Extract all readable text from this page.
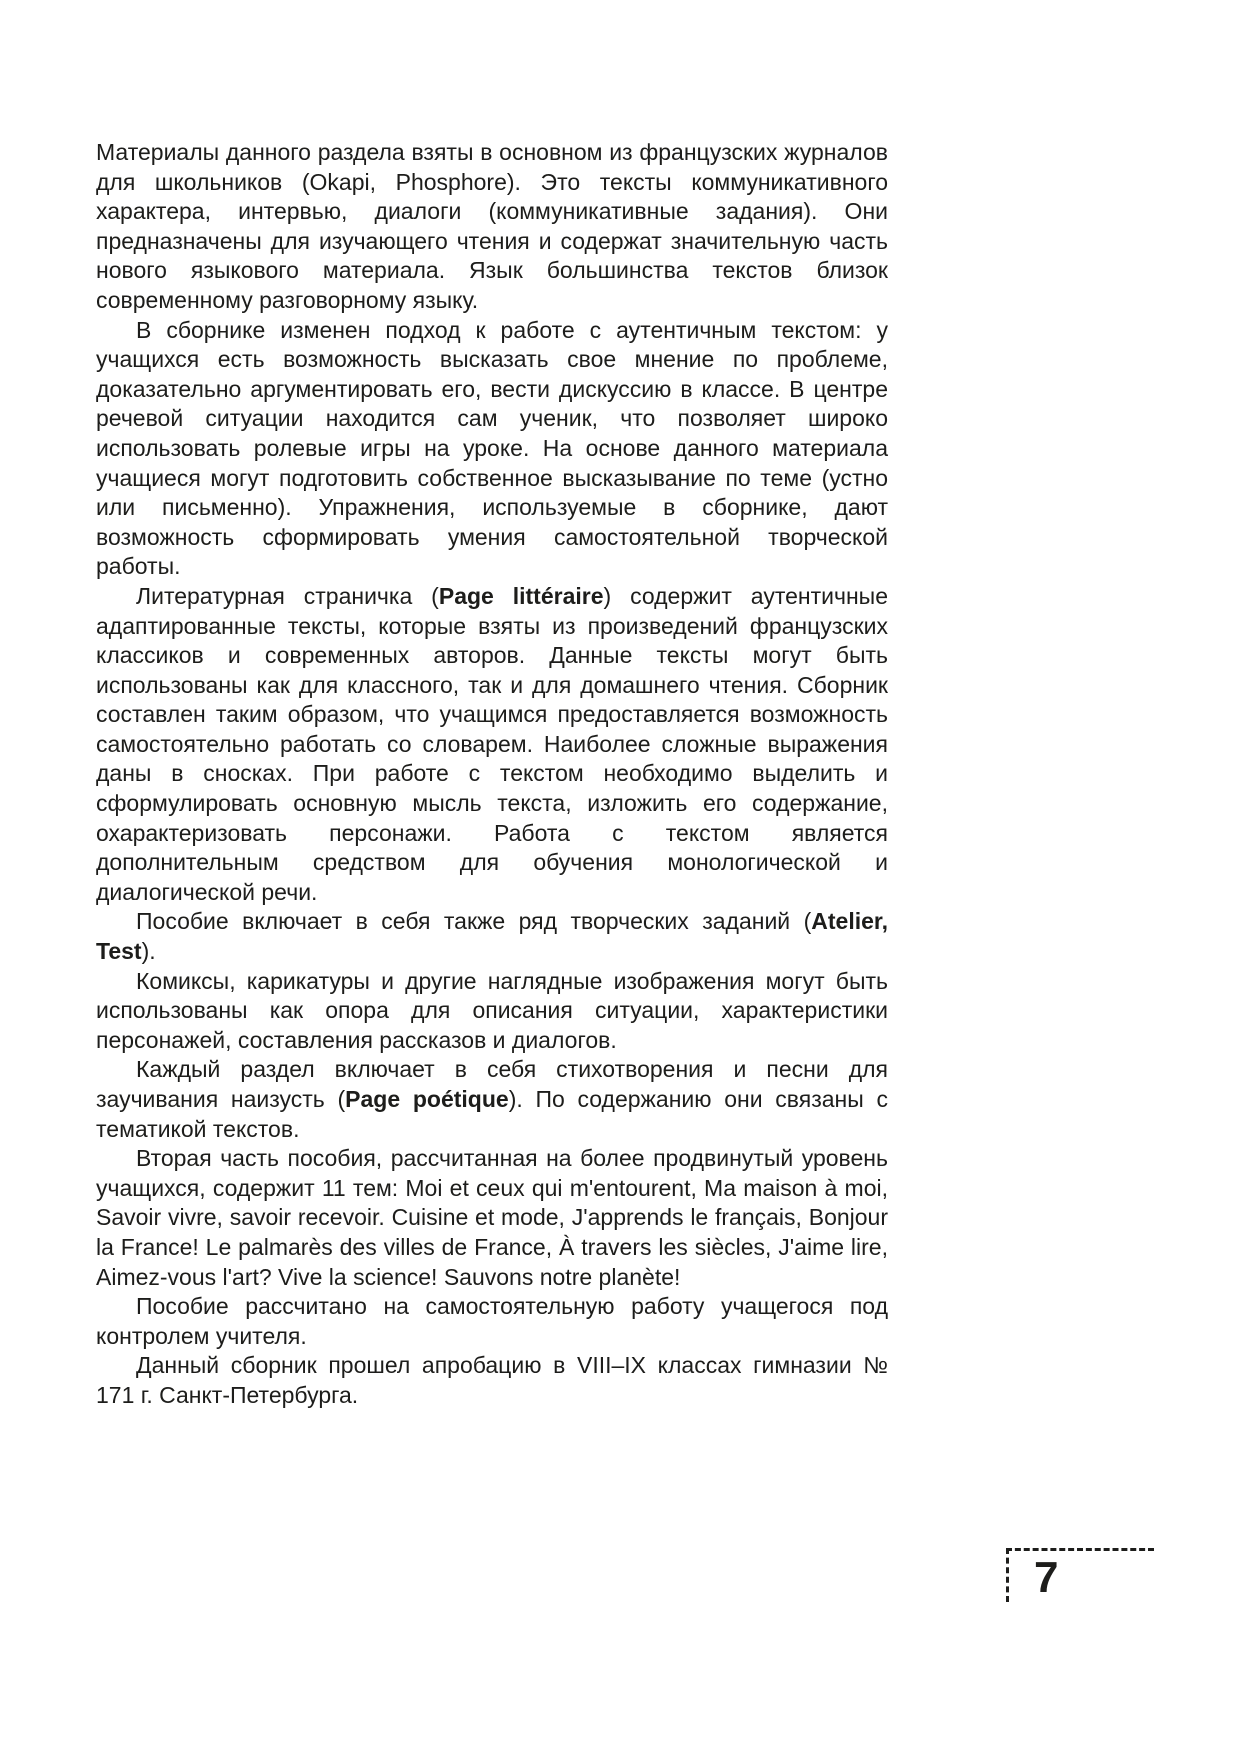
Материалы данного раздела взяты в основном из французских журналов для школьников (Okapi, Phosphore). Это тексты коммуникативного характера, интервью, диалоги (коммуникативные задания). Они предназначены для изучающего чтения и содержат значительную часть нового языкового материала. Язык большинства текстов близок современному разговорному языку.

В сборнике изменен подход к работе с аутентичным текстом: у учащихся есть возможность высказать свое мнение по проблеме, доказательно аргументировать его, вести дискуссию в классе. В центре речевой ситуации находится сам ученик, что позволяет широко использовать ролевые игры на уроке. На основе данного материала учащиеся могут подготовить собственное высказывание по теме (устно или письменно). Упражнения, используемые в сборнике, дают возможность сформировать умения самостоятельной творческой работы.

Литературная страничка (Page littéraire) содержит аутентичные адаптированные тексты, которые взяты из произведений французских классиков и современных авторов. Данные тексты могут быть использованы как для классного, так и для домашнего чтения. Сборник составлен таким образом, что учащимся предоставляется возможность самостоятельно работать со словарем. Наиболее сложные выражения даны в сносках. При работе с текстом необходимо выделить и сформулировать основную мысль текста, изложить его содержание, охарактеризовать персонажи. Работа с текстом является дополнительным средством для обучения монологической и диалогической речи.

Пособие включает в себя также ряд творческих заданий (Atelier, Test).

Комиксы, карикатуры и другие наглядные изображения могут быть использованы как опора для описания ситуации, характеристики персонажей, составления рассказов и диалогов.

Каждый раздел включает в себя стихотворения и песни для заучивания наизусть (Page poétique). По содержанию они связаны с тематикой текстов.

Вторая часть пособия, рассчитанная на более продвинутый уровень учащихся, содержит 11 тем: Moi et ceux qui m'entourent, Ma maison à moi, Savoir vivre, savoir recevoir. Cuisine et mode, J'apprends le français, Bonjour la France! Le palmarès des villes de France, À travers les siècles, J'aime lire, Aimez-vous l'art? Vive la science! Sauvons notre planète!

Пособие рассчитано на самостоятельную работу учащегося под контролем учителя.

Данный сборник прошел апробацию в VIII–IX классах гимназии № 171 г. Санкт-Петербурга.

7
